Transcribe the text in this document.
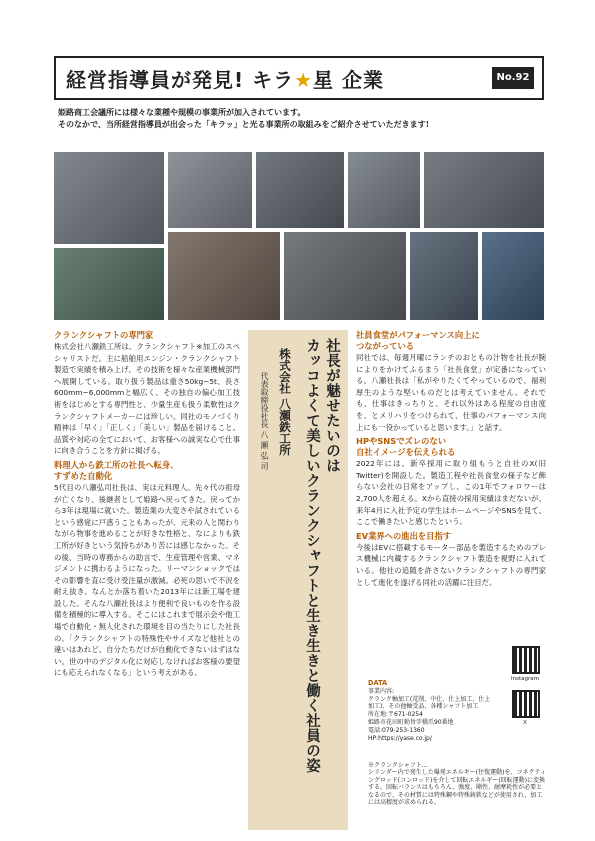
経営指導員が発見! キラ★星 企業	No.92
姫路商工会議所には様々な業種や規模の事業所が加入されています。
そのなかで、当所経営指導員が出会った「キラッ」と光る事業所の取組みをご紹介させていただきます!
クランクシャフトの専門家

株式会社八瀬鉄工所は、クランクシャフト※加工のスペシャリストだ。主に船舶用エンジン・クランクシャフト製造で実績を積み上げ、その技術を様々な産業機械部門へ展開している。取り扱う製品は重さ50kg~5t、長さ600mm~6,000mmと幅広く、その独自の偏心加工技術をはじめとする専門性と、少量生産も扱う柔軟性はクランクシャフトメーカーには珍しい。同社のモノづくり精神は「早く」「正しく」「美しい」製品を届けること。品質や対応の全てにおいて、お客様への誠実な心で仕事に向き合うことを方針に掲げる。

料理人から鉄工所の社長へ転身、
すずめた自動化

5代目の八瀬弘司社長は、実は元料理人。先々代の祖母が亡くなり、後継者として姫路へ戻ってきた。戻ってから3年は現場に就いた。製造業の大変さや試されているという感覚に戸惑うこともあったが、元来の人と関わりながら物事を進めることが好きな性格と、なによりも鉄工所が好きという気持ちがあり苦には感じなかった。その後、当時の専務からの助言で、生産管理や営業、マネジメントに携わるようになった。リーマンショックではその影響を直に受け受注量が激減。必死の思いで不況を耐え抜き、なんとか落ち着いた2013年には新工場を建設した。そんな八瀬社長はより便利で良いものを作る設備を積極的に導入する。そこにはこれまで展示会や他工場で自動化・無人化された環境を目の当たりにした社長の、「クランクシャフトの特殊性やサイズなど他社との違いはあれど、自分たちだけが自動化できないはずはない。世の中のデジタル化に対応しなければお客様の要望にも応えられなくなる」という考えがある。

社長が魅せたいのは
カッコよくて美しいクランクシャフトと生き生きと働く社員の姿
株式会社 八瀬鉄工所
代表取締役社長 八 瀬 弘 司
社員食堂がパフォーマンス向上に
つながっている

同社では、毎週月曜にランチのおともの汁物を社長が腕によりをかけてふるまう「社長食堂」が定番になっている。八瀬社長は「私がやりたくてやっているので、福利厚生のような堅いものだとは考えていません。それでも、仕事はきっちりと、それ以外はある程度の自由度を、とメリハリをつけられて、仕事のパフォーマンス向上にも一役かっていると思います。」と話す。

HPやSNSでズレのない
自社イメージを伝えられる

2022年には、新卒採用に取り組もうと自社のX(旧Twitter)を開設した。製造工程や社長食堂の様子など飾らない会社の日常をアップし、この1年でフォロワーは2,700人を超える。Xから直接の採用実績はまだないが、来年4月に入社予定の学生はホームページやSNSを見て、ここで働きたいと感じたという。

EV業界への進出を目指す

今後はEVに搭載するモーター部品を製造するためのプレス機械に内蔵するクランクシャフト製造を視野に入れている。他社の追随を許さないクランクシャフトの専門家として進化を遂げる同社の活躍に注目だ。

DATA
事業内容:
クランク軸加工(荒削、中仕、仕上加工、仕上加工)、その他軸受品、各種シャフト加工
所在地:〒671-0254
姫路市花田町勅旨字橋爪90番地
電話:079-253-1360
HP:https://yase.co.jp/
Instagram
X
※クランクシャフト…
シリンダー内で発生した爆発エネルギー(往復運動)を、コネクティングロッド(コンロッド)を介して回転エネルギー(回転運動)に変換する。回転バランスはもちろん、強度、剛性、耐摩耗性が必要となるので、その材質には特殊鋼や特殊鋳鉄などが使用され、加工には高精度が求められる。
